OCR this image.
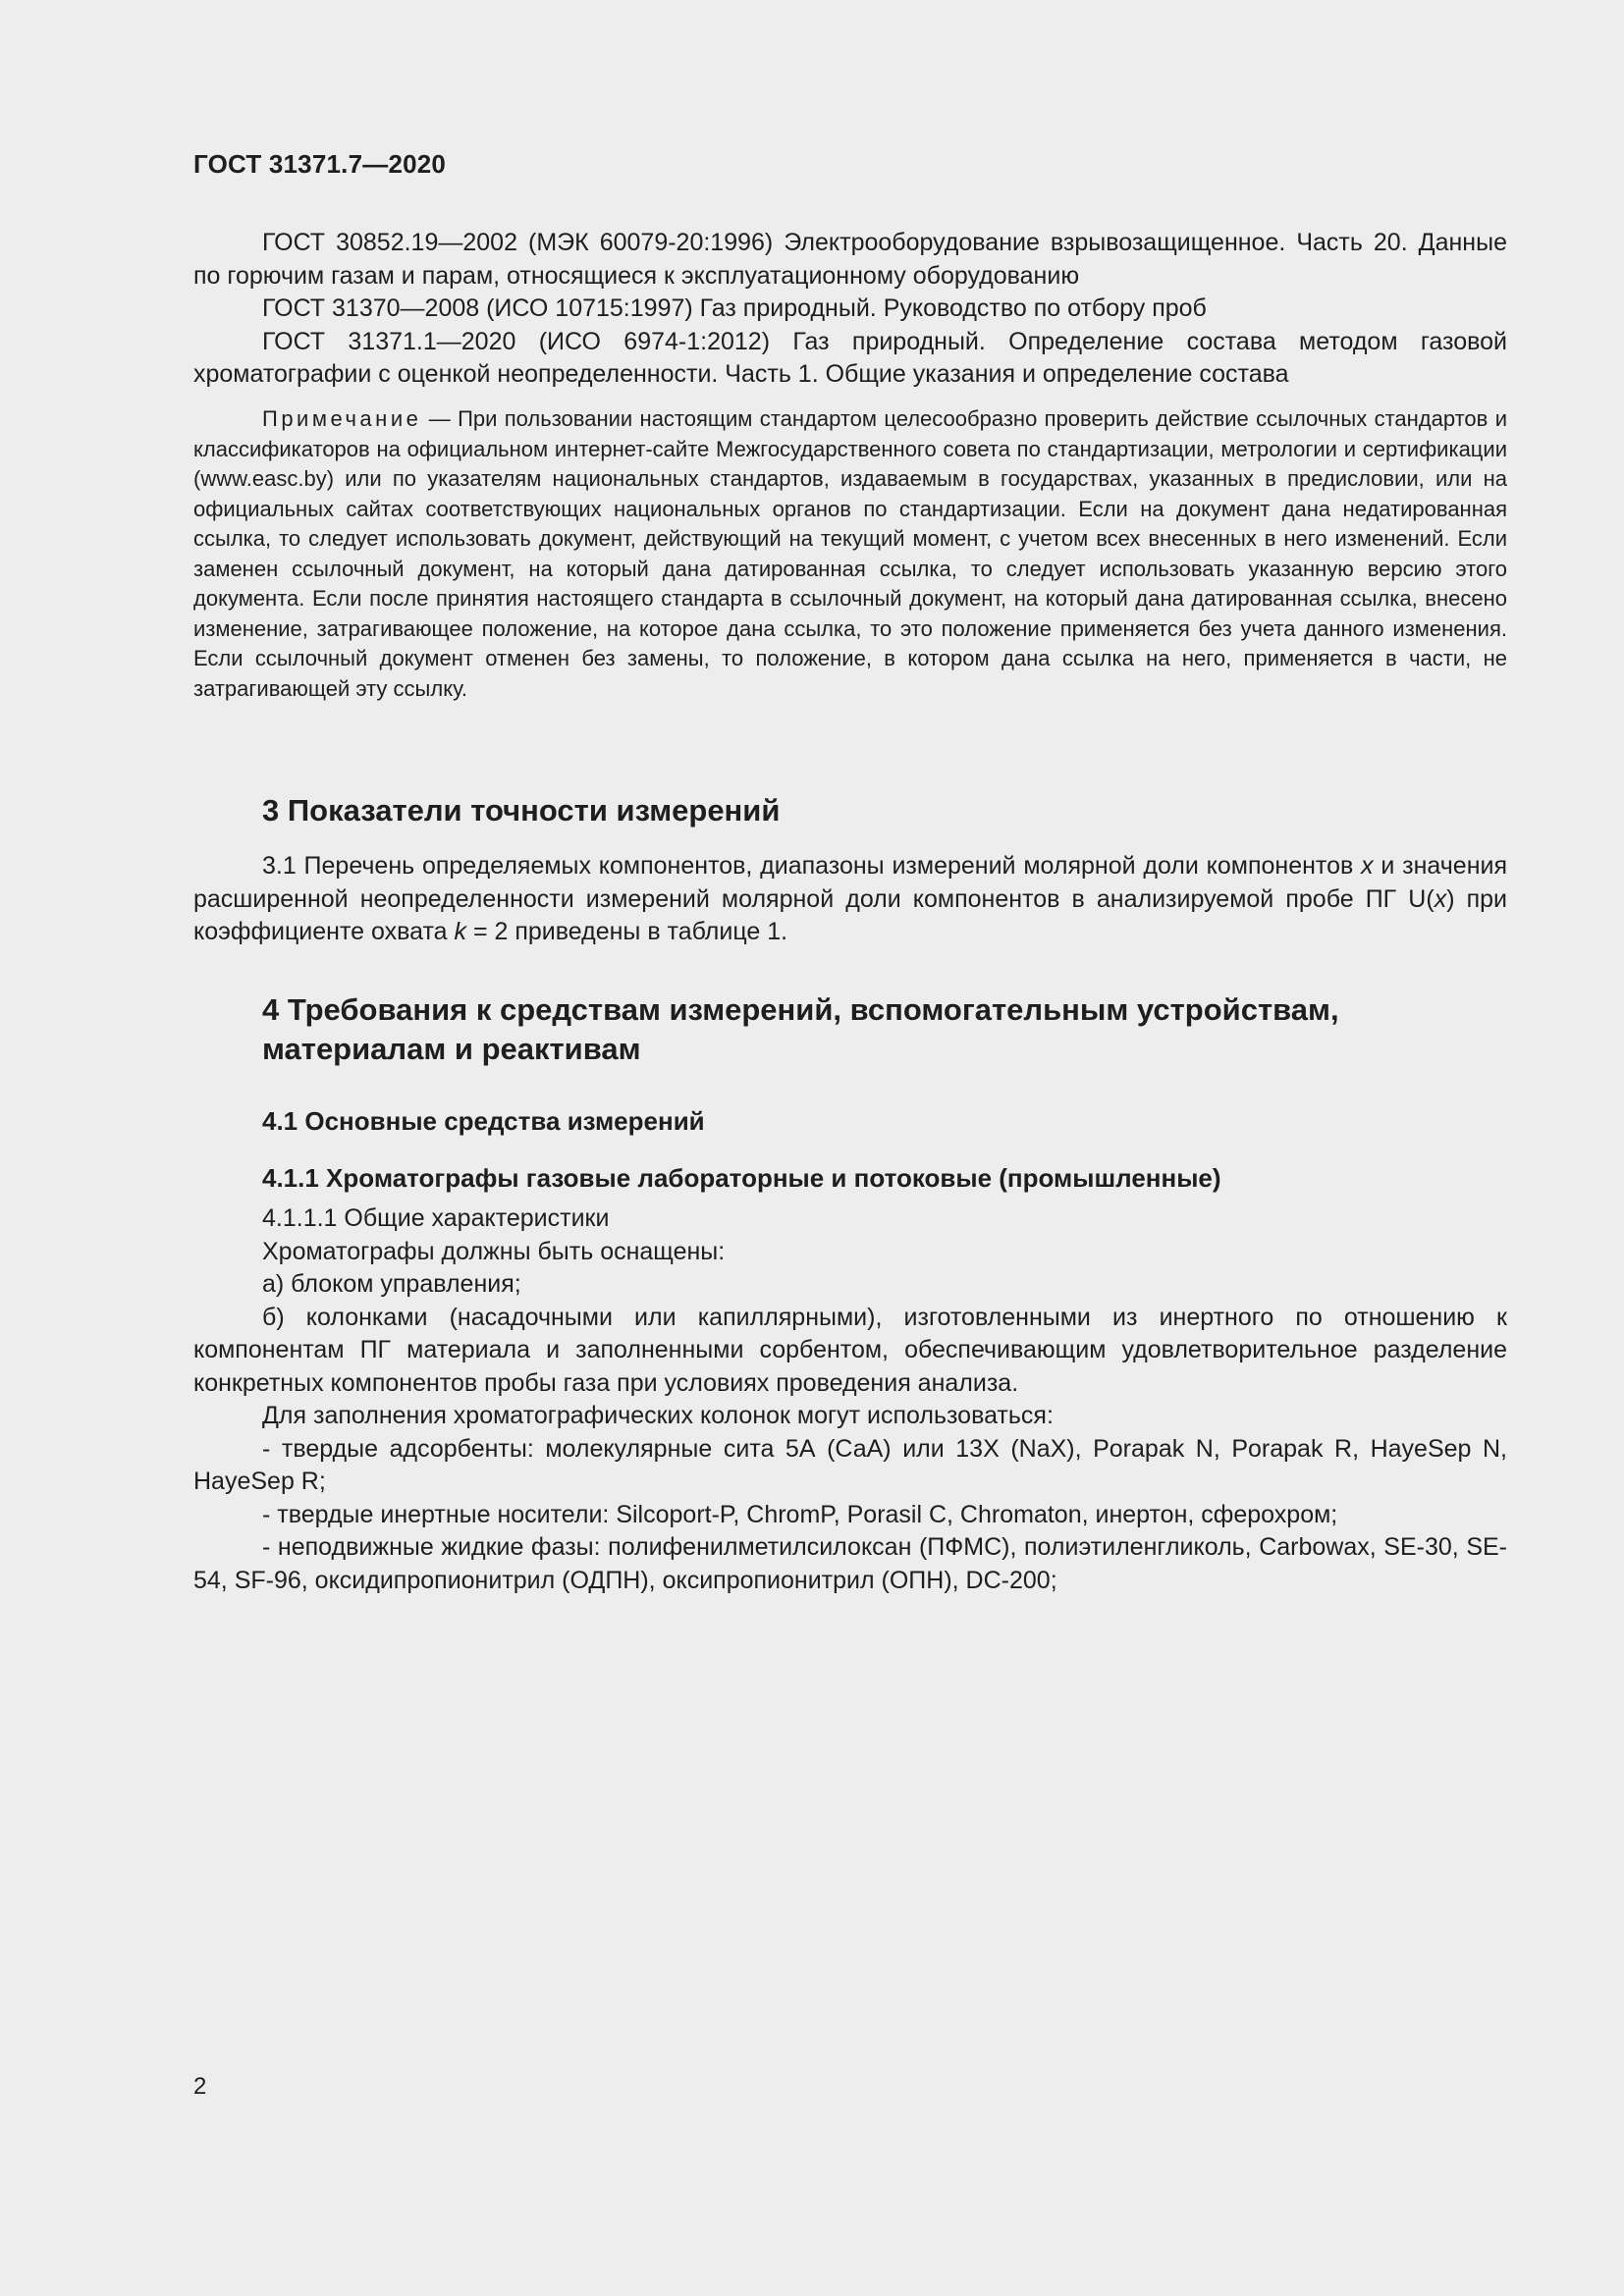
ГОСТ 31371.7—2020

ГОСТ 30852.19—2002 (МЭК 60079-20:1996) Электрооборудование взрывозащищенное. Часть 20. Данные по горючим газам и парам, относящиеся к эксплуатационному оборудованию

ГОСТ 31370—2008 (ИСО 10715:1997) Газ природный. Руководство по отбору проб

ГОСТ 31371.1—2020 (ИСО 6974-1:2012) Газ природный. Определение состава методом газовой хроматографии с оценкой неопределенности. Часть 1. Общие указания и определение состава

Примечание — При пользовании настоящим стандартом целесообразно проверить действие ссылочных стандартов и классификаторов на официальном интернет-сайте Межгосударственного совета по стандартизации, метрологии и сертификации (www.easc.by) или по указателям национальных стандартов, издаваемым в государствах, указанных в предисловии, или на официальных сайтах соответствующих национальных органов по стандартизации. Если на документ дана недатированная ссылка, то следует использовать документ, действующий на текущий момент, с учетом всех внесенных в него изменений. Если заменен ссылочный документ, на который дана датированная ссылка, то следует использовать указанную версию этого документа. Если после принятия настоящего стандарта в ссылочный документ, на который дана датированная ссылка, внесено изменение, затрагивающее положение, на которое дана ссылка, то это положение применяется без учета данного изменения. Если ссылочный документ отменен без замены, то положение, в котором дана ссылка на него, применяется в части, не затрагивающей эту ссылку.

3 Показатели точности измерений

3.1 Перечень определяемых компонентов, диапазоны измерений молярной доли компонентов x и значения расширенной неопределенности измерений молярной доли компонентов в анализируемой пробе ПГ U(x) при коэффициенте охвата k = 2 приведены в таблице 1.

4 Требования к средствам измерений, вспомогательным устройствам, материалам и реактивам
4.1 Основные средства измерений
4.1.1 Хроматографы газовые лабораторные и потоковые (промышленные)

4.1.1.1 Общие характеристики

Хроматографы должны быть оснащены:

а) блоком управления;

б) колонками (насадочными или капиллярными), изготовленными из инертного по отношению к компонентам ПГ материала и заполненными сорбентом, обеспечивающим удовлетворительное разделение конкретных компонентов пробы газа при условиях проведения анализа.

Для заполнения хроматографических колонок могут использоваться:

- твердые адсорбенты: молекулярные сита 5А (СаА) или 13Х (NaX), Porapak N, Porapak R, HayeSep N, HayeSep R;

- твердые инертные носители: Silcoport-P, ChromP, Porasil C, Chromaton, инертон, сферохром;

- неподвижные жидкие фазы: полифенилметилсилоксан (ПФМС), полиэтиленгликоль, Carbowax, SE-30, SE-54, SF-96, оксидипропионитрил (ОДПН), оксипропионитрил (ОПН), DC-200;

2
